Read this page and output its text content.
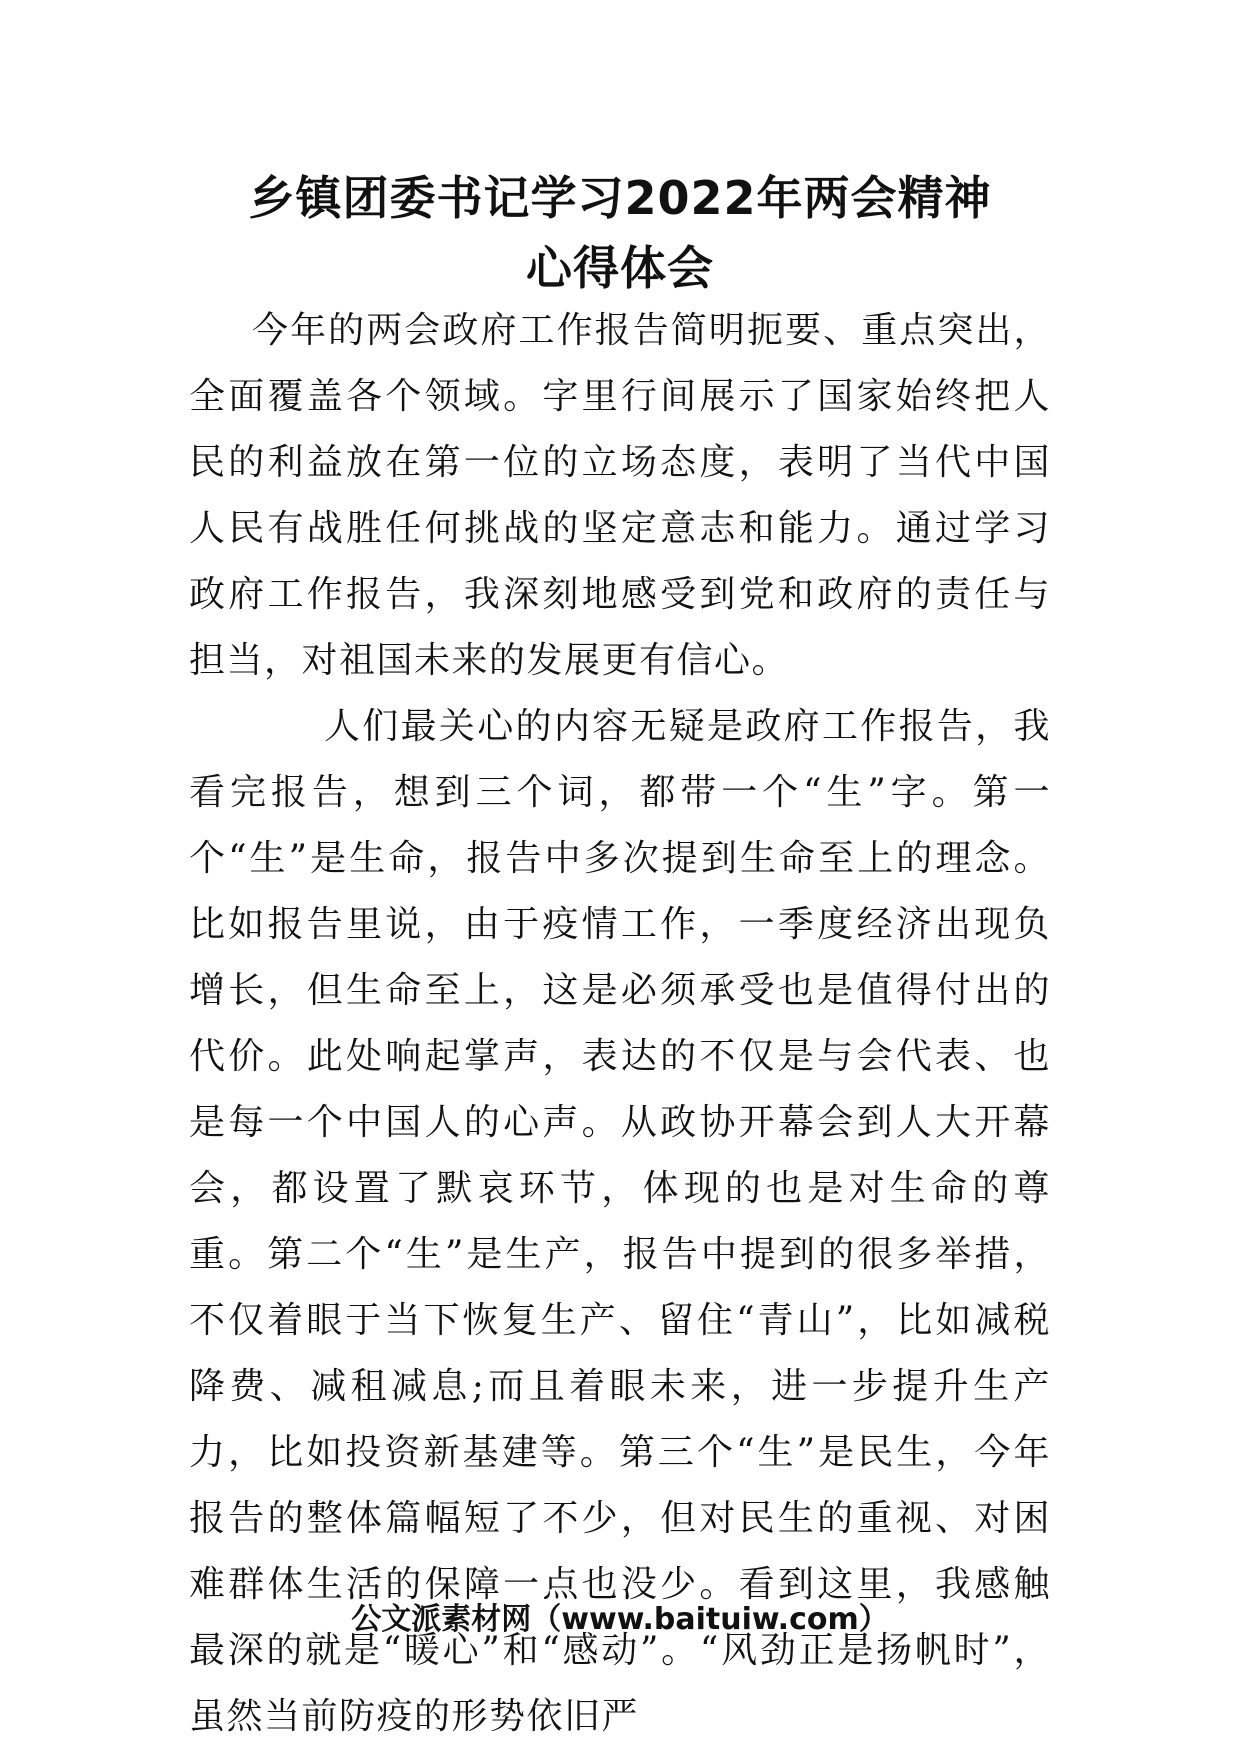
乡镇团委书记学习2022年两会精神
心得体会
今年的两会政府工作报告简明扼要、重点突出，全面覆盖各个领域。字里行间展示了国家始终把人民的利益放在第一位的立场态度，表明了当代中国人民有战胜任何挑战的坚定意志和能力。通过学习政府工作报告，我深刻地感受到党和政府的责任与担当，对祖国未来的发展更有信心。
人们最关心的内容无疑是政府工作报告，我看完报告，想到三个词，都带一个“生”字。第一个“生”是生命，报告中多次提到生命至上的理念。比如报告里说，由于疫情工作，一季度经济出现负增长，但生命至上，这是必须承受也是值得付出的代价。此处响起掌声，表达的不仅是与会代表、也是每一个中国人的心声。从政协开幕会到人大开幕会，都设置了默哀环节，体现的也是对生命的尊重。第二个“生”是生产，报告中提到的很多举措，不仅着眼于当下恢复生产、留住“青山”，比如减税降费、减租减息;而且着眼未来，进一步提升生产力，比如投资新基建等。第三个“生”是民生，今年报告的整体篇幅短了不少，但对民生的重视、对困难群体生活的保障一点也没少。看到这里，我感触最深的就是“暖心”和“感动”。“风劲正是扬帆时”，虽然当前防疫的形势依旧严
公文派素材网（www.baituiw.com）
